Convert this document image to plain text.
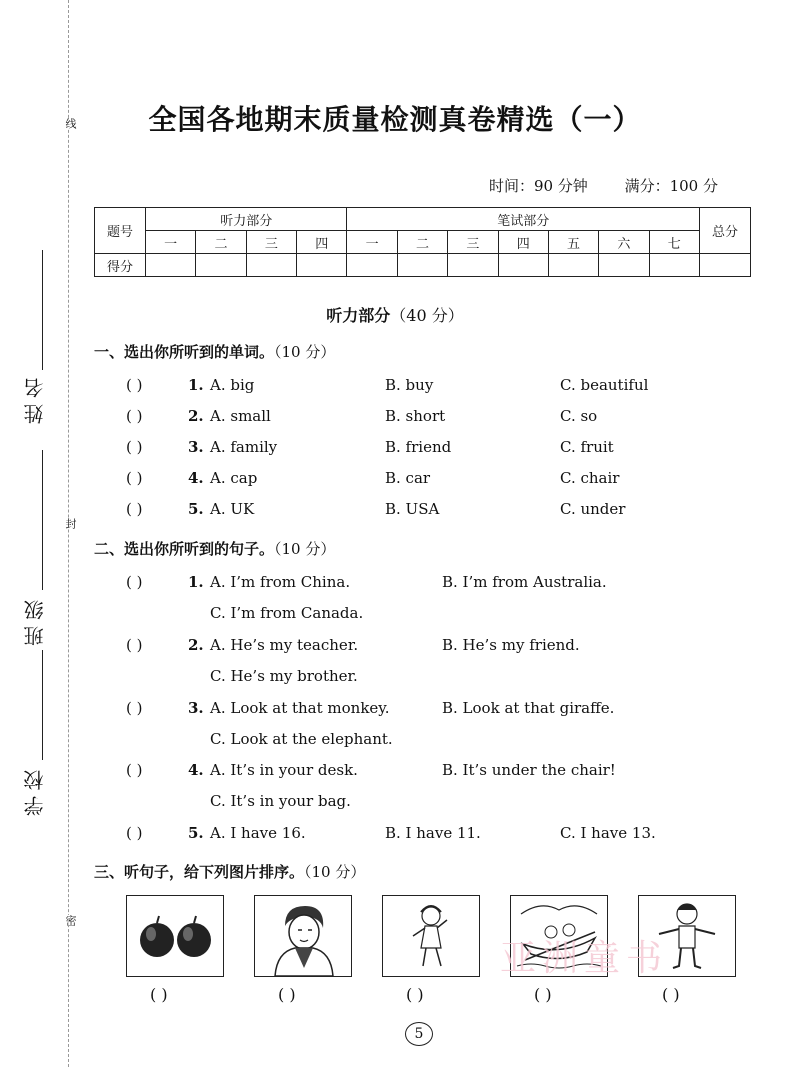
线
封
密
姓名
班级
学校
全国各地期末质量检测真卷精选（一）
时间：90 分钟 满分：100 分
题号	听力部分				笔试部分							总分
	一	二	三	四	一	二	三	四	五	六	七	
得分												
听力部分（40 分）
一、选出你所听到的单词。（10 分）
二、选出你所听到的句子。（10 分）
( )	1. A. big	B. buy	C. beautiful
( )	2. A. small	B. short	C. so
( )	3. A. family	B. friend	C. fruit
( )	4. A. cap	B. car	C. chair
( )	5. A. UK	B. USA	C. under
( )	1. A. I’m from China.	B. I’m from Australia.
C. I’m from Canada.
( )	2. A. He’s my teacher.	B. He’s my friend.
C. He’s my brother.
( )	3. A. Look at that monkey.	B. Look at that giraffe.
C. Look at the elephant.
( )	4. A. It’s in your desk.	B. It’s under the chair!
C. It’s in your bag.
( )	5. A. I have 16.	B. I have 11.	C. I have 13.
三、听句子，给下列图片排序。（10 分）
( )	( )	( )	( )	( )
亚洲童书
5
